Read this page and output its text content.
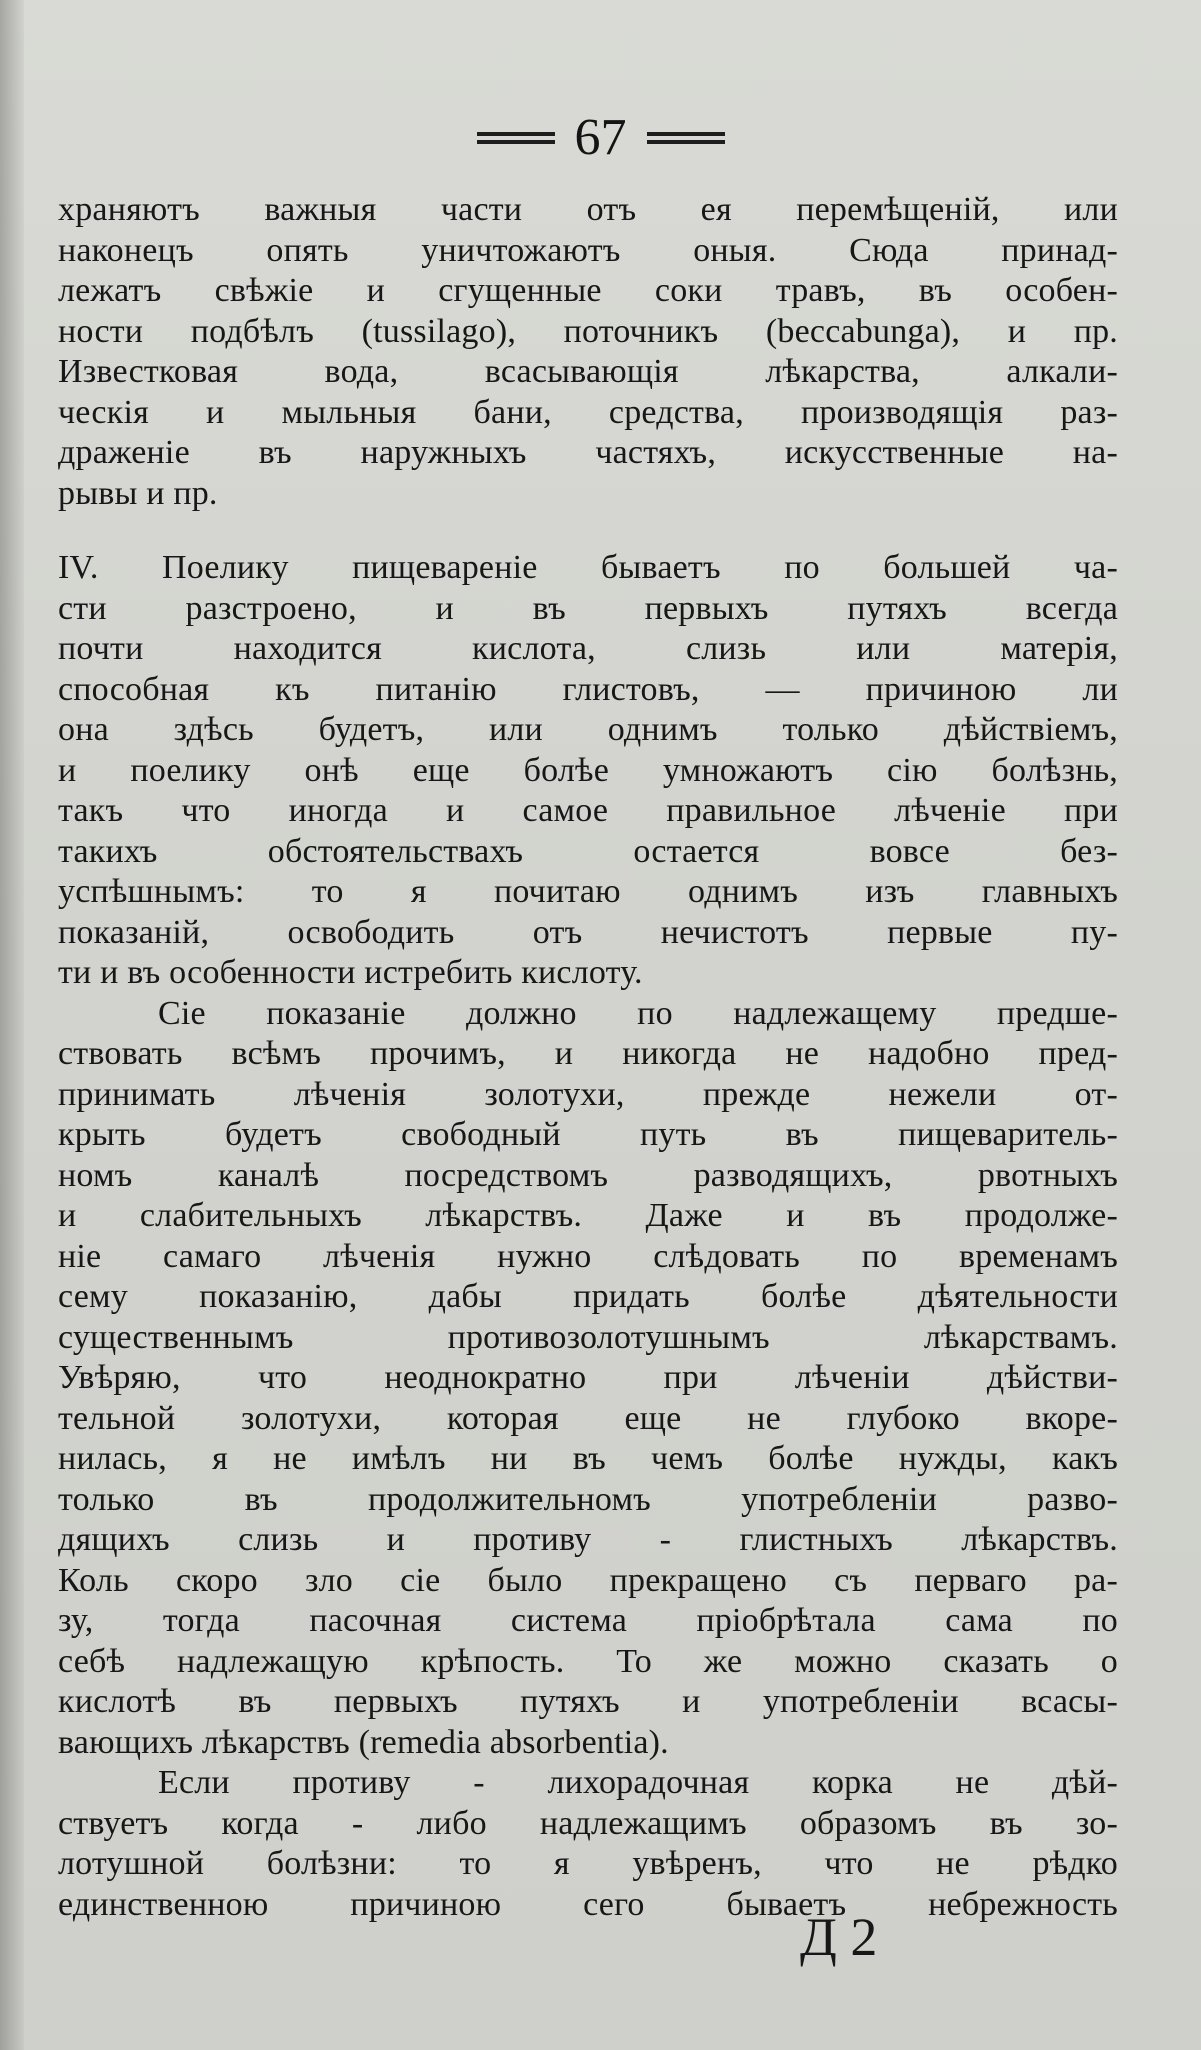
67
храняютъ важныя части отъ ея перемѣщеній, или
наконецъ опять уничтожаютъ оныя. Сюда принад-
лежатъ свѣжіе и сгущенные соки травъ, въ особен-
ности подбѣлъ (tussilago), поточникъ (beccabunga), и пр.
Известковая вода, всасывающія лѣкарства, алкали-
ческія и мыльныя бани, средства, производящія раз-
драженіе въ наружныхъ частяхъ, искусственные на-
рывы и пр.
IV. Поелику пищевареніе бываетъ по большей ча-
сти разстроено, и въ первыхъ путяхъ всегда
почти находится кислота, слизь или матерія,
способная къ питанію глистовъ, — причиною ли
она здѣсь будетъ, или однимъ только дѣйствіемъ,
и поелику онѣ еще болѣе умножаютъ сію болѣзнь,
такъ что иногда и самое правильное лѣченіе при
такихъ обстоятельствахъ остается вовсе без-
успѣшнымъ: то я почитаю однимъ изъ главныхъ
показаній, освободить отъ нечистотъ первые пу-
ти и въ особенности истребить кислоту.
Сіе показаніе должно по надлежащему предше-
ствовать всѣмъ прочимъ, и никогда не надобно пред-
принимать лѣченія золотухи, прежде нежели от-
крыть будетъ свободный путь въ пищеваритель-
номъ каналѣ посредствомъ разводящихъ, рвотныхъ
и слабительныхъ лѣкарствъ. Даже и въ продолже-
ніе самаго лѣченія нужно слѣдовать по временамъ
сему показанію, дабы придать болѣе дѣятельности
существеннымъ противозолотушнымъ лѣкарствамъ.
Увѣряю, что неоднократно при лѣченіи дѣйстви-
тельной золотухи, которая еще не глубоко вкоре-
нилась, я не имѣлъ ни въ чемъ болѣе нужды, какъ
только въ продолжительномъ употребленіи разво-
дящихъ слизь и противу - глистныхъ лѣкарствъ.
Коль скоро зло сіе было прекращено съ перваго ра-
зу, тогда пасочная система пріобрѣтала сама по
себѣ надлежащую крѣпость. То же можно сказать о
кислотѣ въ первыхъ путяхъ и употребленіи всасы-
вающихъ лѣкарствъ (remedia absorbentia).
Если противу - лихорадочная корка не дѣй-
ствуетъ когда - либо надлежащимъ образомъ въ зо-
лотушной болѣзни: то я увѣренъ, что не рѣдко
единственною причиною сего бываетъ небрежность
Д 2
